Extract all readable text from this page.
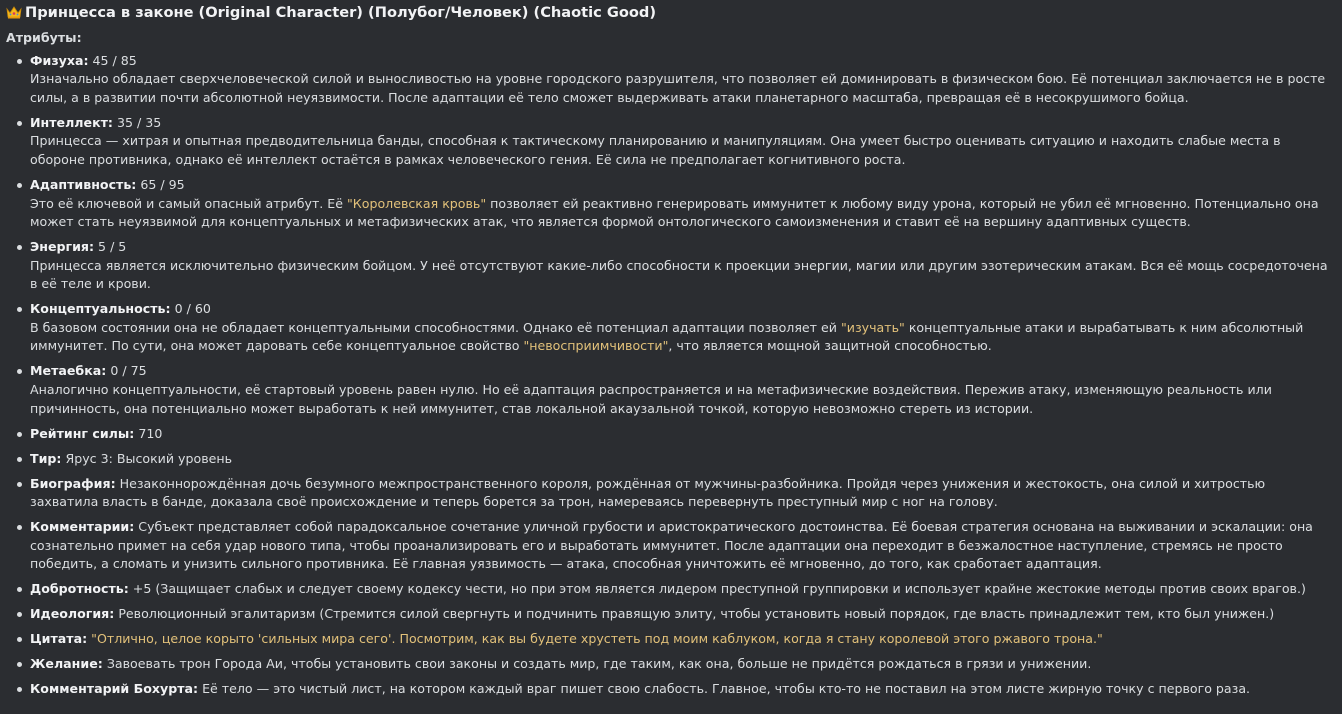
Принцесса в законе (Original Character) (Полубог/Человек) (Chaotic Good)
Атрибуты:
Физуха: 45 / 85
Изначально обладает сверхчеловеческой силой и выносливостью на уровне городского разрушителя, что позволяет ей доминировать в физическом бою. Её потенциал заключается не в росте силы, а в развитии почти абсолютной неуязвимости. После адаптации её тело сможет выдерживать атаки планетарного масштаба, превращая её в несокрушимого бойца.
Интеллект: 35 / 35
Принцесса — хитрая и опытная предводительница банды, способная к тактическому планированию и манипуляциям. Она умеет быстро оценивать ситуацию и находить слабые места в обороне противника, однако её интеллект остаётся в рамках человеческого гения. Её сила не предполагает когнитивного роста.
Адаптивность: 65 / 95
Это её ключевой и самый опасный атрибут. Её "Королевская кровь" позволяет ей реактивно генерировать иммунитет к любому виду урона, который не убил её мгновенно. Потенциально она может стать неуязвимой для концептуальных и метафизических атак, что является формой онтологического самоизменения и ставит её на вершину адаптивных существ.
Энергия: 5 / 5
Принцесса является исключительно физическим бойцом. У неё отсутствуют какие-либо способности к проекции энергии, магии или другим эзотерическим атакам. Вся её мощь сосредоточена в её теле и крови.
Концептуальность: 0 / 60
В базовом состоянии она не обладает концептуальными способностями. Однако её потенциал адаптации позволяет ей "изучать" концептуальные атаки и вырабатывать к ним абсолютный иммунитет. По сути, она может даровать себе концептуальное свойство "невосприимчивости", что является мощной защитной способностью.
Метаебка: 0 / 75
Аналогично концептуальности, её стартовый уровень равен нулю. Но её адаптация распространяется и на метафизические воздействия. Пережив атаку, изменяющую реальность или причинность, она потенциально может выработать к ней иммунитет, став локальной акаузальной точкой, которую невозможно стереть из истории.
Рейтинг силы: 710
Тир: Ярус 3: Высокий уровень
Биография: Незаконнорождённая дочь безумного межпространственного короля, рождённая от мужчины-разбойника. Пройдя через унижения и жестокость, она силой и хитростью захватила власть в банде, доказала своё происхождение и теперь борется за трон, намереваясь перевернуть преступный мир с ног на голову.
Комментарии: Субъект представляет собой парадоксальное сочетание уличной грубости и аристократического достоинства. Её боевая стратегия основана на выживании и эскалации: она сознательно примет на себя удар нового типа, чтобы проанализировать его и выработать иммунитет. После адаптации она переходит в безжалостное наступление, стремясь не просто победить, а сломать и унизить сильного противника. Её главная уязвимость — атака, способная уничтожить её мгновенно, до того, как сработает адаптация.
Добротность: +5 (Защищает слабых и следует своему кодексу чести, но при этом является лидером преступной группировки и использует крайне жестокие методы против своих врагов.)
Идеология: Революционный эгалитаризм (Стремится силой свергнуть и подчинить правящую элиту, чтобы установить новый порядок, где власть принадлежит тем, кто был унижен.)
Цитата: "Отлично, целое корыто 'сильных мира сего'. Посмотрим, как вы будете хрустеть под моим каблуком, когда я стану королевой этого ржавого трона."
Желание: Завоевать трон Города Аи, чтобы установить свои законы и создать мир, где таким, как она, больше не придётся рождаться в грязи и унижении.
Комментарий Бохурта: Её тело — это чистый лист, на котором каждый враг пишет свою слабость. Главное, чтобы кто-то не поставил на этом листе жирную точку с первого раза.
